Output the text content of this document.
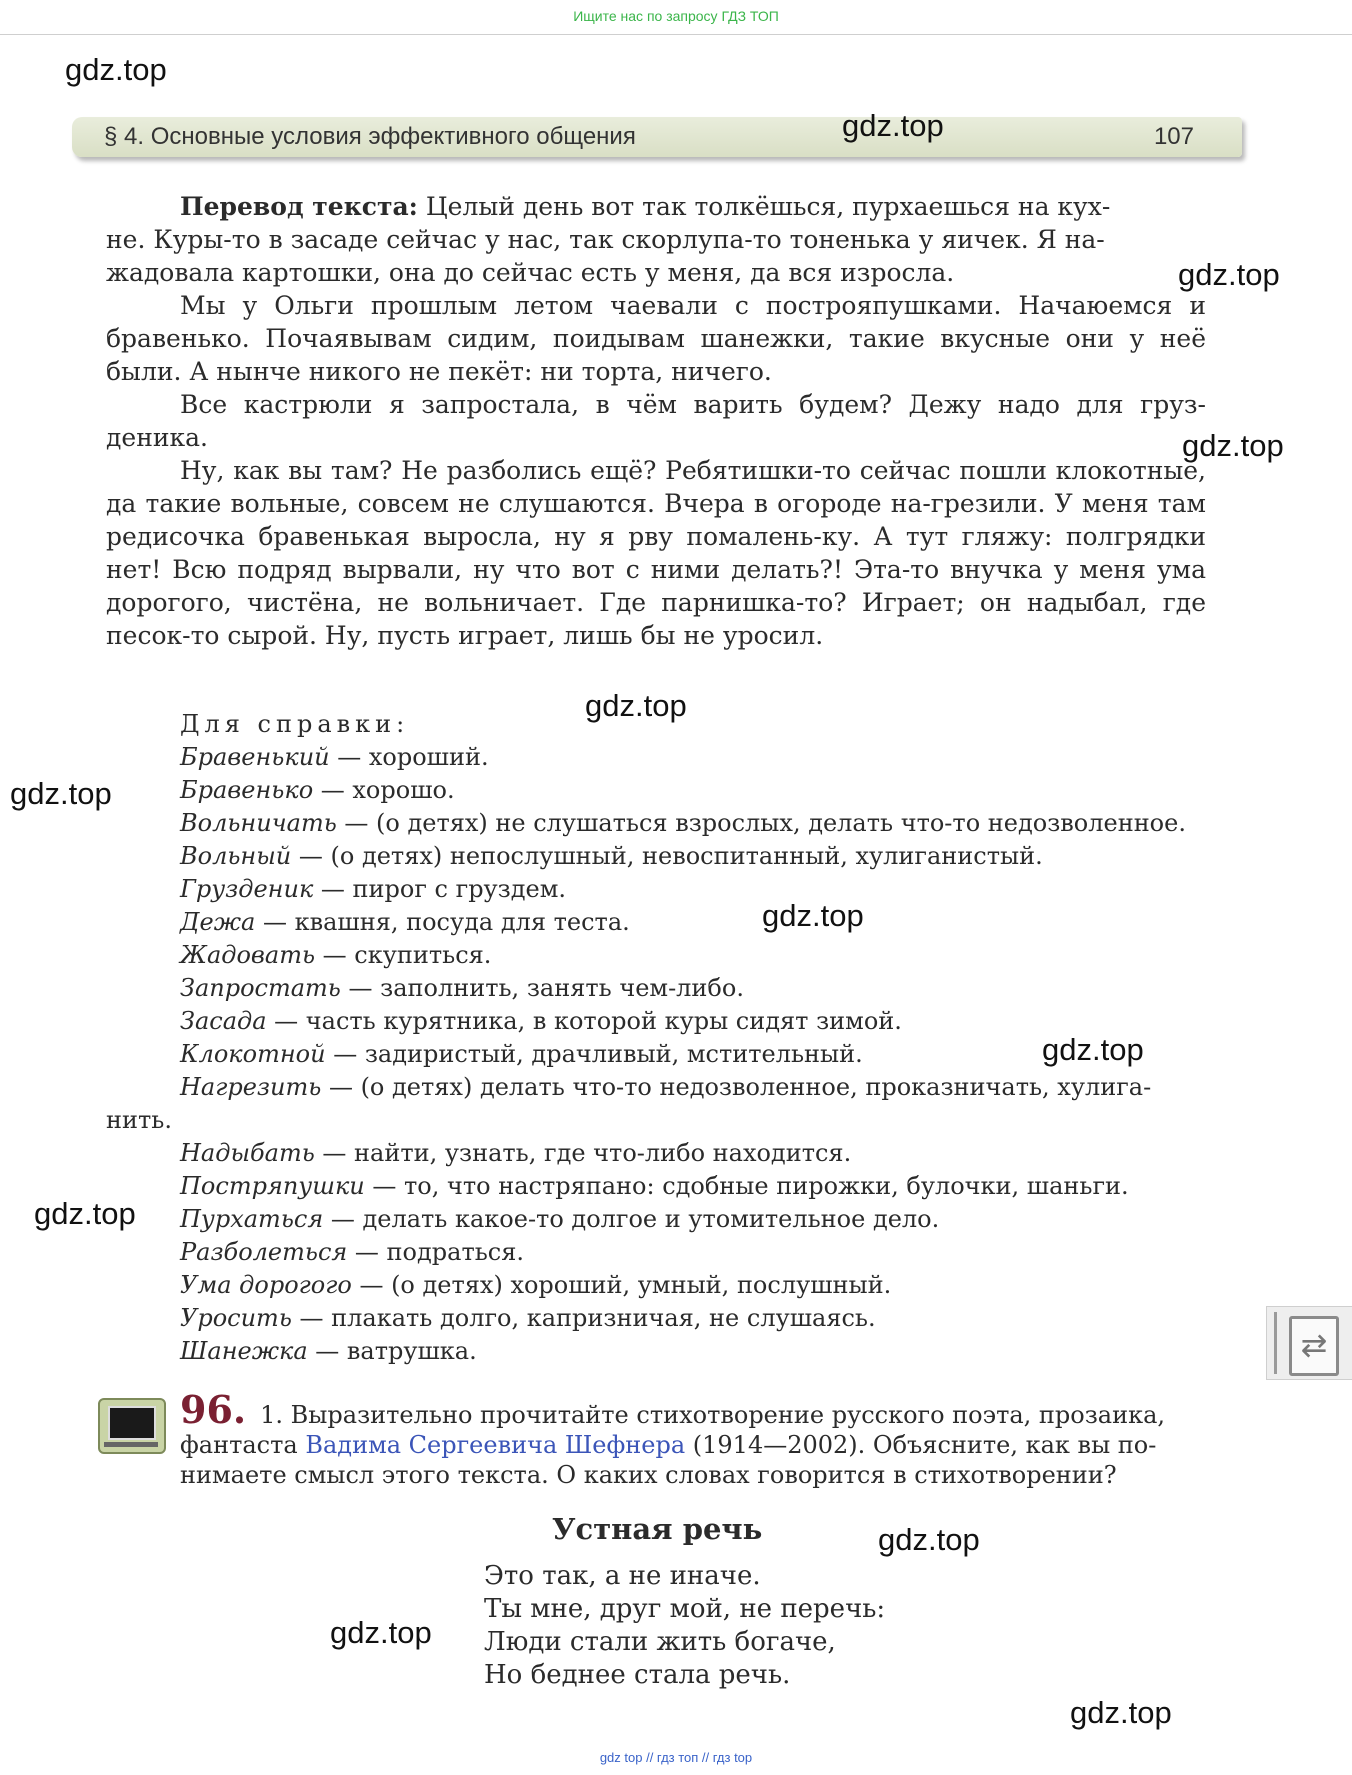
Ищите нас по запросу ГДЗ ТОП
gdz.top
gdz.top
gdz.top
gdz.top
gdz.top
gdz.top
gdz.top
gdz.top
gdz.top
gdz.top
gdz.top
gdz.top
§ 4. Основные условия эффективного общения	107
Перевод текста: Целый день вот так толкёшься, пурхаешься на кух-
не. Куры-то в засаде сейчас у нас, так скорлупа-то тоненька у яичек. Я на-
жадовала картошки, она до сейчас есть у меня, да вся изросла.
Мы у Ольги прошлым летом чаевали с построяпушками. Начаюемся и бравенько. Почаявывам сидим, поидывам шанежки, такие вкусные они у неё были. А нынче никого не пекёт: ни торта, ничего.
Все кастрюли я запростала, в чём варить будем? Дежу надо для груз-деника.
Ну, как вы там? Не разболись ещё? Ребятишки-то сейчас пошли клокотные, да такие вольные, совсем не слушаются. Вчера в огороде на-грезили. У меня там редисочка бравенькая выросла, ну я рву помалень-ку. А тут гляжу: полгрядки нет! Всю подряд вырвали, ну что вот с ними делать?! Эта-то внучка у меня ума дорогого, чистёна, не вольничает. Где парнишка-то? Играет; он надыбал, где песок-то сырой. Ну, пусть играет, лишь бы не уросил.
Для справки:
Бравенький — хороший.
Бравенько — хорошо.
Вольничать — (о детях) не слушаться взрослых, делать что-то недозволенное.
Вольный — (о детях) непослушный, невоспитанный, хулиганистый.
Грузденик — пирог с груздем.
Дежа — квашня, посуда для теста.
Жадовать — скупиться.
Запростать — заполнить, занять чем-либо.
Засада — часть курятника, в которой куры сидят зимой.
Клокотной — задиристый, драчливый, мстительный.
Нагрезить — (о детях) делать что-то недозволенное, проказничать, хулига-
нить.
Надыбать — найти, узнать, где что-либо находится.
Постряпушки — то, что настряпано: сдобные пирожки, булочки, шаньги.
Пурхаться — делать какое-то долгое и утомительное дело.
Разболеться — подраться.
Ума дорогого — (о детях) хороший, умный, послушный.
Уросить — плакать долго, капризничая, не слушаясь.
Шанежка — ватрушка.
96. 1. Выразительно прочитайте стихотворение русского поэта, прозаика, фантаста Вадима Сергеевича Шефнера (1914—2002). Объясните, как вы по-нимаете смысл этого текста. О каких словах говорится в стихотворении?
Устная речь
Это так, а не иначе.
Ты мне, друг мой, не перечь:
Люди стали жить богаче,
Но беднее стала речь.
⇄
gdz top // гдз топ // гдз top
